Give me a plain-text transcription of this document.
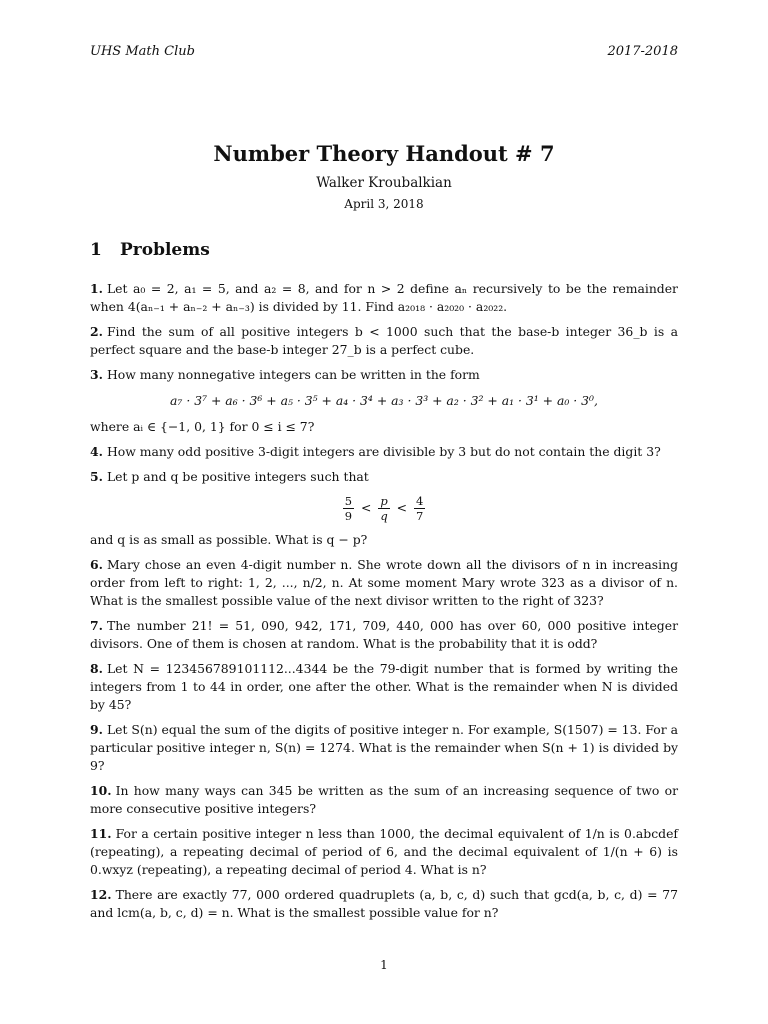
UHS Math Club	2017-2018
Number Theory Handout # 7
Walker Kroubalkian
April 3, 2018
1 Problems

1. Let a₀ = 2, a₁ = 5, and a₂ = 8, and for n > 2 define aₙ recursively to be the remainder when 4(aₙ₋₁ + aₙ₋₂ + aₙ₋₃) is divided by 11. Find a₂₀₁₈ · a₂₀₂₀ · a₂₀₂₂.

2. Find the sum of all positive integers b < 1000 such that the base-b integer 36_b is a perfect square and the base-b integer 27_b is a perfect cube.

3. How many nonnegative integers can be written in the form
a₇ · 3⁷ + a₆ · 3⁶ + a₅ · 3⁵ + a₄ · 3⁴ + a₃ · 3³ + a₂ · 3² + a₁ · 3¹ + a₀ · 3⁰,
where aᵢ ∈ {−1, 0, 1} for 0 ≤ i ≤ 7?

4. How many odd positive 3-digit integers are divisible by 3 but do not contain the digit 3?

5. Let p and q be positive integers such that
$\frac{5}{9} < \frac{p}{q} < \frac{4}{7}$
and q is as small as possible. What is q − p?

6. Mary chose an even 4-digit number n. She wrote down all the divisors of n in increasing order from left to right: 1, 2, ..., n/2, n. At some moment Mary wrote 323 as a divisor of n. What is the smallest possible value of the next divisor written to the right of 323?

7. The number 21! = 51, 090, 942, 171, 709, 440, 000 has over 60, 000 positive integer divisors. One of them is chosen at random. What is the probability that it is odd?

8. Let N = 123456789101112...4344 be the 79-digit number that is formed by writing the integers from 1 to 44 in order, one after the other. What is the remainder when N is divided by 45?

9. Let S(n) equal the sum of the digits of positive integer n. For example, S(1507) = 13. For a particular positive integer n, S(n) = 1274. What is the remainder when S(n + 1) is divided by 9?

10. In how many ways can 345 be written as the sum of an increasing sequence of two or more consecutive positive integers?

11. For a certain positive integer n less than 1000, the decimal equivalent of 1/n is 0.abcdef (repeating), a repeating decimal of period of 6, and the decimal equivalent of 1/(n + 6) is 0.wxyz (repeating), a repeating decimal of period 4. What is n?

12. There are exactly 77, 000 ordered quadruplets (a, b, c, d) such that gcd(a, b, c, d) = 77 and lcm(a, b, c, d) = n. What is the smallest possible value for n?

1
